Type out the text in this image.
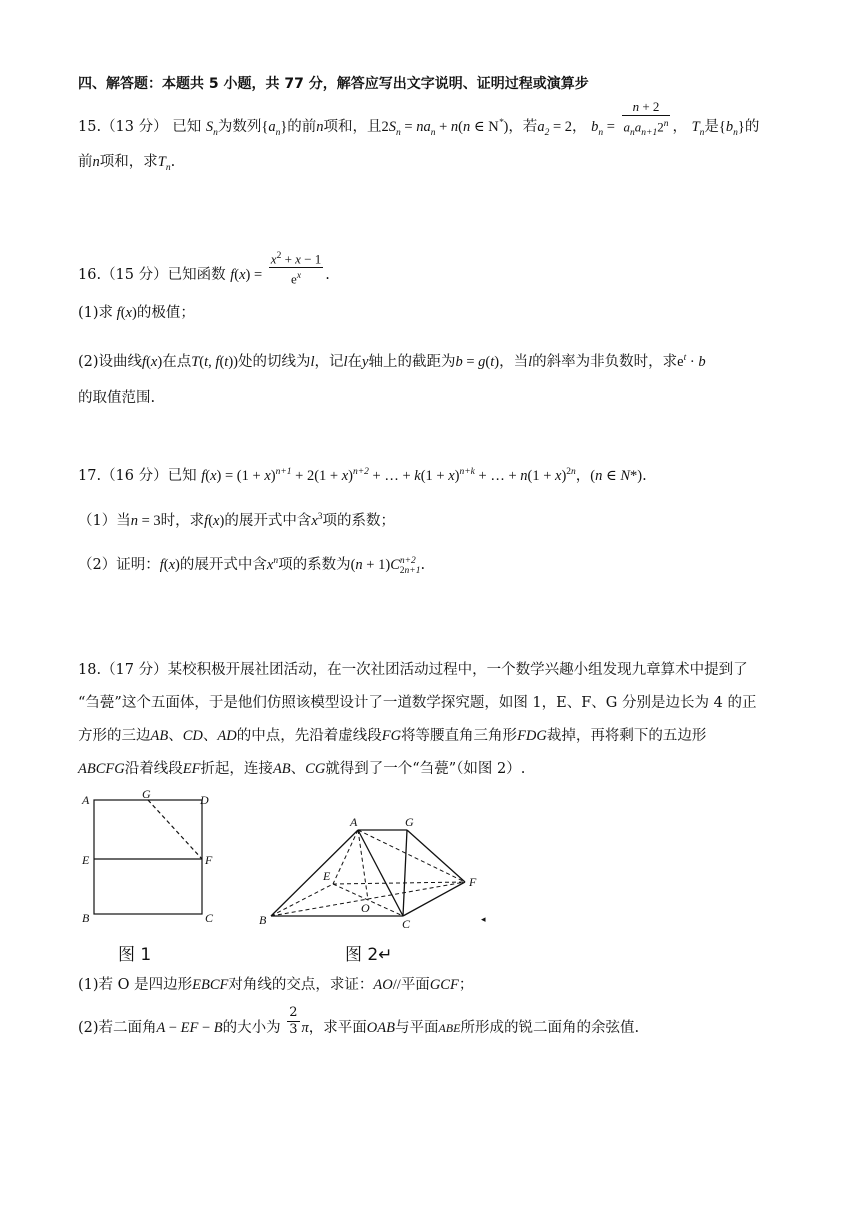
四、解答题：本题共 5 小题，共 77 分，解答应写出文字说明、证明过程或演算步
15.（13 分） 已知 $S_n$为数列$\{a_n\}$的前n项和，且$2S_n = na_n + n(n$ ∈ N*)，若$a_2 = 2$， $b_n = \frac{n + 2}{a_na_{n+1}2^n}$ ， $T_n$是$\{b_n\}$的
前n项和，求$T_n$.
16.（15 分）已知函数 $f(x) = \frac{x^2 + x - 1}{e^x}$ .
(1)求 f(x)的极值；
(2)设曲线f(x)在点T(t, f(t))处的切线为l，记l在y轴上的截距为b = g(t)，当l的斜率为非负数时，求$e^t \cdot b$
的取值范围.
17.（16 分）已知 $f(x) = (1 + x)^{n+1} + 2(1 + x)^{n+2}$ + … + $k(1 + x)^{n+k}$ + … + $n(1 + x)^{2n}$，(n ∈ N*).
（1）当n = 3时，求f(x)的展开式中含$x^3$项的系数；
（2）证明：f(x)的展开式中含$x^n$项的系数为$(n + 1)C^{n+2}_{2n+1}$.
18.（17 分）某校积极开展社团活动，在一次社团活动过程中，一个数学兴趣小组发现九章算术中提到了
“刍甍”这个五面体，于是他们仿照该模型设计了一道数学探究题，如图 1，E、F、G 分别是边长为 4 的正
方形的三边AB、CD、AD的中点，先沿着虚线段FG将等腰直角三角形FDG裁掉，再将剩下的五边形
ABCFG沿着线段EF折起，连接AB、CG就得到了一个“刍甍”（如图 2）.
A	G	D
E	F
B	C
图 1
A	G
E	F
O
B	C	◂
图 2↵
(1)若 O 是四边形EBCF对角线的交点，求证：AO//平面GCF；
(2)若二面角A − EF − B的大小为 $\frac{2}{3}$ π，求平面OAB与平面ABE所形成的锐二面角的余弦值.
